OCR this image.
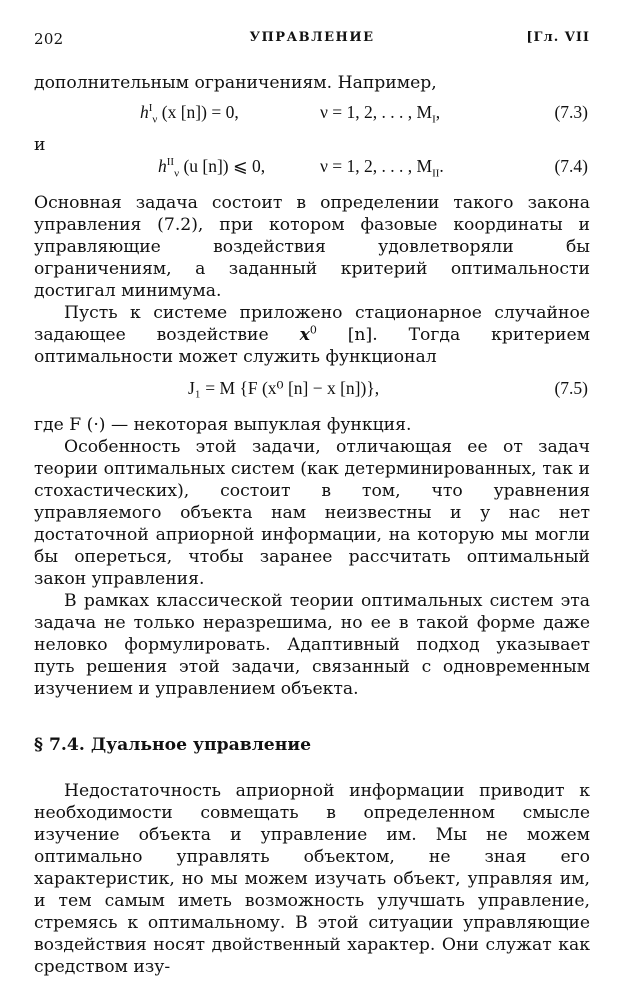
202	УПРАВЛЕНИЕ	[Гл. VII

дополнительным ограничениям. Например,

$h^I_\nu$ (x [n]) = 0,	ν = 1, 2, . . . , $M_I$,	(7.3)

и

$h^{II}_\nu$ (u [n]) ⩽ 0,	ν = 1, 2, . . . , $M_{II}$.	(7.4)

Основная задача состоит в определении такого закона управления (7.2), при котором фазовые координаты и управляющие воздействия удовлетворяли бы ограничениям, а заданный критерий оптимальности достигал минимума.

Пусть к системе приложено стационарное случайное задающее воздействие $x^0$ [n]. Тогда критерием оптимальности может служить функционал

J₁ = M {F (x⁰ [n] − x [n])},	(7.5)

где F (·) — некоторая выпуклая функция.

Особенность этой задачи, отличающая ее от задач теории оптимальных систем (как детерминированных, так и стохастических), состоит в том, что уравнения управляемого объекта нам неизвестны и у нас нет достаточной априорной информации, на которую мы могли бы опереться, чтобы заранее рассчитать оптимальный закон управления.

В рамках классической теории оптимальных систем эта задача не только неразрешима, но ее в такой форме даже неловко формулировать. Адаптивный подход указывает путь решения этой задачи, связанный с одновременным изучением и управлением объекта.

§ 7.4. Дуальное управление

Недостаточность априорной информации приводит к необходимости совмещать в определенном смысле изучение объекта и управление им. Мы не можем оптимально управлять объектом, не зная его характеристик, но мы можем изучать объект, управляя им, и тем самым иметь возможность улучшать управление, стремясь к оптимальному. В этой ситуации управляющие воздействия носят двойственный характер. Они служат как средством изу-
